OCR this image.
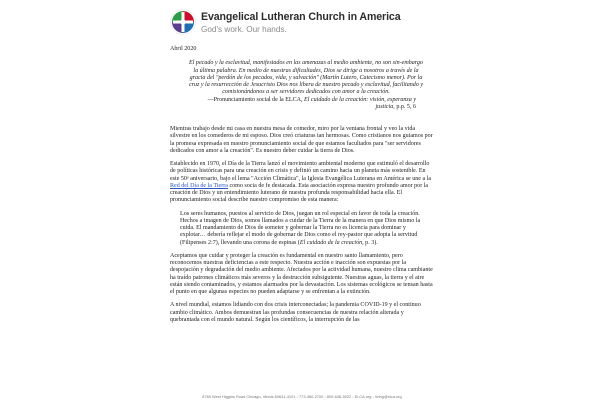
Evangelical Lutheran Church in America
God's work. Our hands.
Abril 2020
El pecado y la esclavitud, manifestados en las amenazas al medio ambiente, no son sin-embargo la última palabra. En medio de nuestras dificultades, Dios se dirige a nosotros a través de la gracia del "perdón de los pecados, vida, y salvación" (Martín Lutero, Catecismo menor). Por la cruz y la resurrección de Jesucristo Dios nos libera de nuestro pecado y esclavitud, facilitando y comisionándonos a ser servidores dedicados con amor a la creación.
—Pronunciamiento social de la ELCA, El cuidado de la creación: visión, esperanza y justicia, p.p. 5, 6
Mientras trabajo desde mi casa en nuestra mesa de comedor, miro por la ventana frontal y veo la vida silvestre en los comederos de mi esposo. Dios creó criaturas tan hermosas. Como cristianos nos guiamos por la promesa expresada en nuestro pronunciamiento social de que estamos facultados para "ser servidores dedicados con amor a la creación". Es nuestro deber cuidar la tierra de Dios.
Establecido en 1970, el Día de la Tierra lanzó el movimiento ambiental moderno que estimuló el desarrollo de políticas históricas para una creación en crisis y definió un camino hacia un planeta más sostenible. En este 50ᵒ aniversario, bajo el lema "Acción Climática", la Iglesia Evangélica Luterana en América se une a la Red del Día de la Tierra como socia de fe destacada. Esta asociación expresa nuestro profundo amor por la creación de Dios y un entendimiento luterano de nuestra profunda responsabilidad hacia ella. El pronunciamiento social describe nuestro compromiso de esta manera:
Los seres humanos, puestos al servicio de Dios, juegan un rol especial en favor de toda la creación. Hechos a imagen de Dios, somos llamados a cuidar de la Tierra de la manera en que Dios mismo la cuida. El mandamiento de Dios de someter y gobernar la Tierra no es licencia para dominar y explotar… debería reflejar el modo de gobernar de Dios como el rey-pastor que adopta la servitud (Filipenses 2:7), llevando una corona de espinas (El cuidado de la creación, p. 3).
Aceptamos que cuidar y proteger la creación es fundamental en nuestro santo llamamiento, pero reconocemos nuestras deficiencias a este respecto. Nuestra acción e inacción son expuestas por la despojación y degradación del medio ambiente. Afectados por la actividad humana, nuestro clima cambiante ha traído patrones climáticos más severos y la destrucción subsiguiente. Nuestras aguas, la tierra y el aire están siendo contaminados, y estamos alarmados por la devastación. Los sistemas ecológicos se tensan hasta el punto en que algunas especies no pueden adaptarse y se enfrentan a la extinción.
A nivel mundial, estamos lidiando con dos crisis interconectadas; la pandemia COVID-19 y el continuo cambio climático. Ambos demuestran las profundas consecuencias de nuestra relación alterada y quebrantada con el mundo natural. Según los científicos, la interrupción de las
8765 West Higgins Road Chicago, Illinois 60631-4101 • 773-380-2700 • 800-638-3522 • ELCA.org • living@elca.org
